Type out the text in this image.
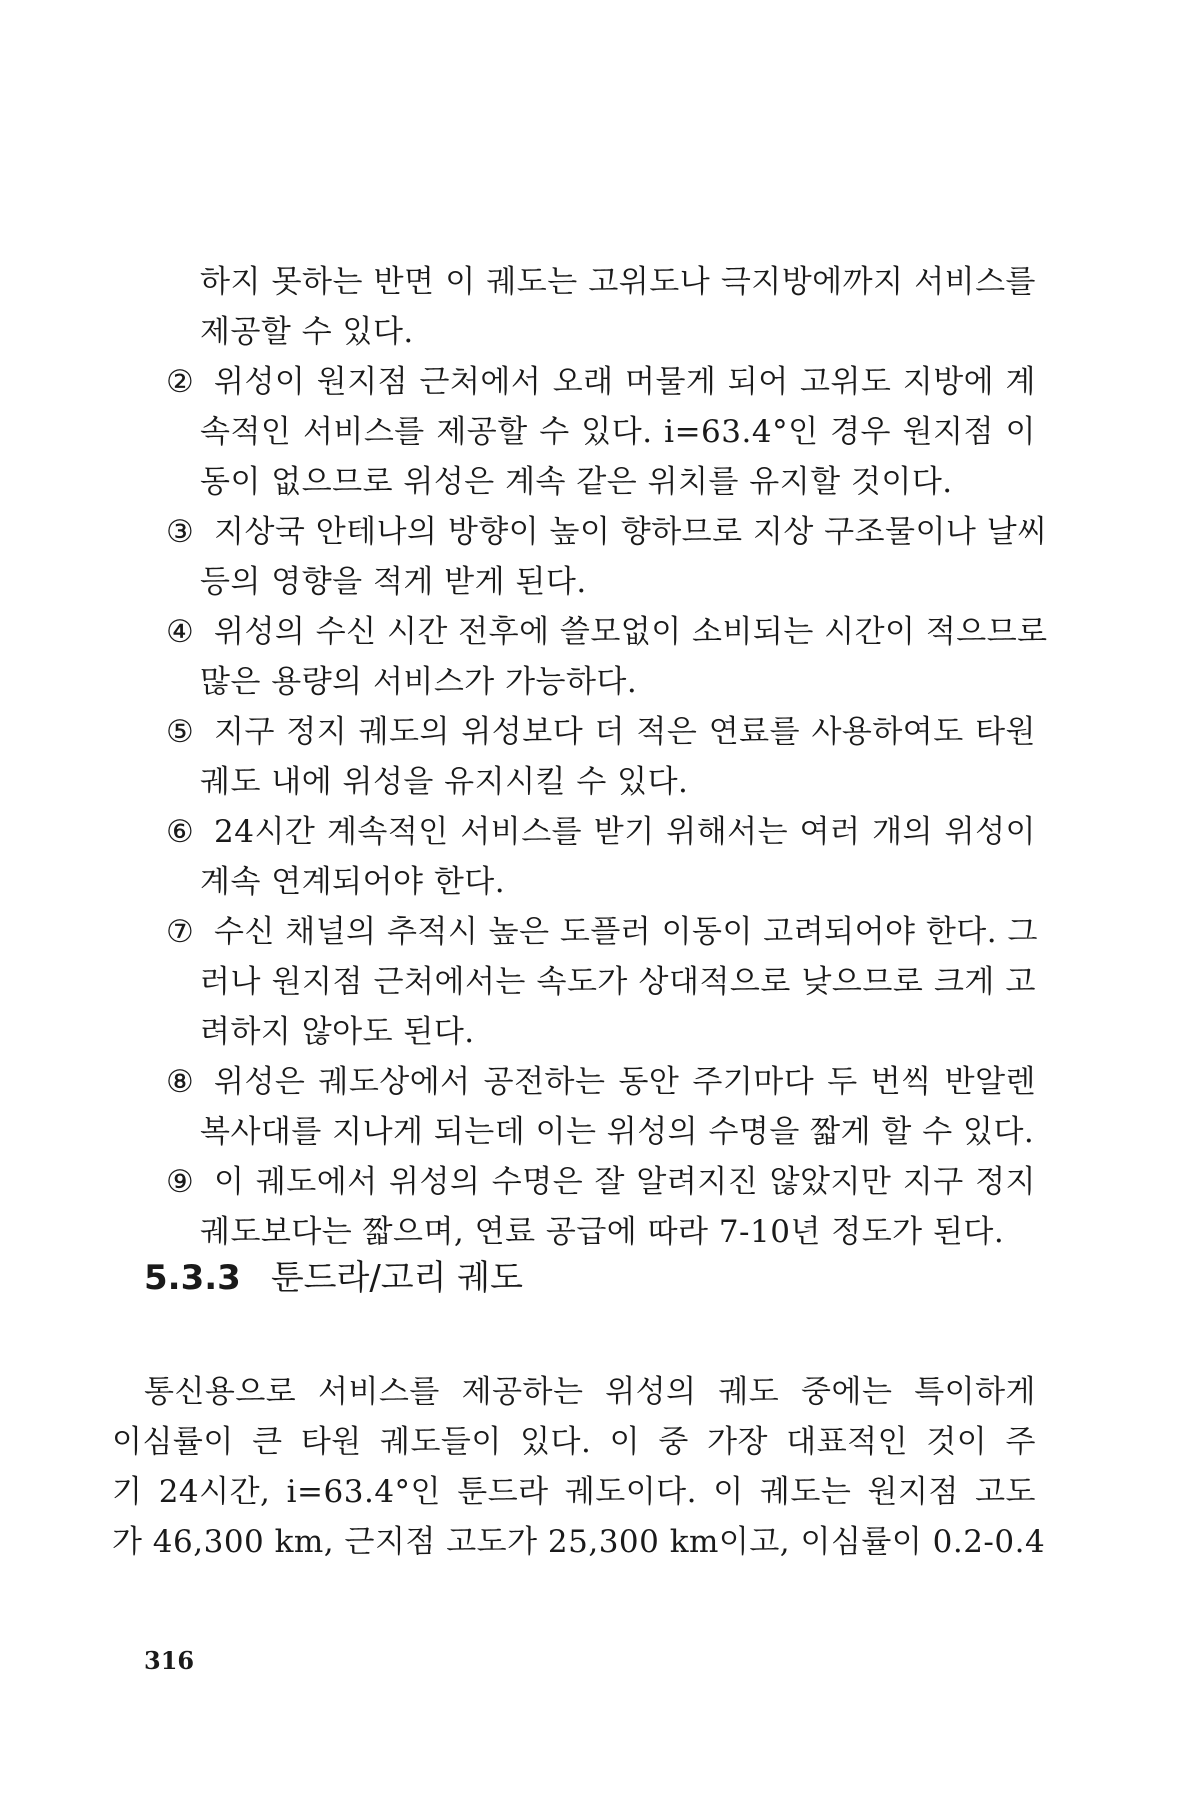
하지 못하는 반면 이 궤도는 고위도나 극지방에까지 서비스를
제공할 수 있다.
② 위성이 원지점 근처에서 오래 머물게 되어 고위도 지방에 계
속적인 서비스를 제공할 수 있다. i=63.4°인 경우 원지점 이
동이 없으므로 위성은 계속 같은 위치를 유지할 것이다.
③ 지상국 안테나의 방향이 높이 향하므로 지상 구조물이나 날씨
등의 영향을 적게 받게 된다.
④ 위성의 수신 시간 전후에 쓸모없이 소비되는 시간이 적으므로
많은 용량의 서비스가 가능하다.
⑤ 지구 정지 궤도의 위성보다 더 적은 연료를 사용하여도 타원
궤도 내에 위성을 유지시킬 수 있다.
⑥ 24시간 계속적인 서비스를 받기 위해서는 여러 개의 위성이
계속 연계되어야 한다.
⑦ 수신 채널의 추적시 높은 도플러 이동이 고려되어야 한다. 그
러나 원지점 근처에서는 속도가 상대적으로 낮으므로 크게 고
려하지 않아도 된다.
⑧ 위성은 궤도상에서 공전하는 동안 주기마다 두 번씩 반알렌
복사대를 지나게 되는데 이는 위성의 수명을 짧게 할 수 있다.
⑨ 이 궤도에서 위성의 수명은 잘 알려지진 않았지만 지구 정지
궤도보다는 짧으며, 연료 공급에 따라 7-10년 정도가 된다.
5.3.3 툰드라/고리 궤도
통신용으로 서비스를 제공하는 위성의 궤도 중에는 특이하게
이심률이 큰 타원 궤도들이 있다. 이 중 가장 대표적인 것이 주
기 24시간, i=63.4°인 툰드라 궤도이다. 이 궤도는 원지점 고도
가 46,300 km, 근지점 고도가 25,300 km이고, 이심률이 0.2-0.4
316
